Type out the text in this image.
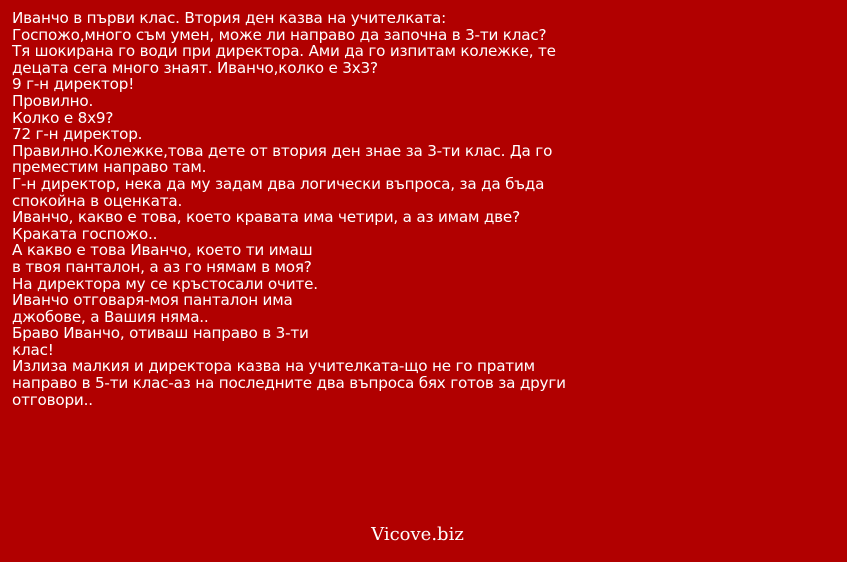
Иванчо в първи клас. Втория ден казва на учителката:
Госпожо,много съм умен, може ли направо да започна в 3-ти клас?
Тя шокирана го води при директора. Ами да го изпитам колежке, те
децата сега много знаят. Иванчо,колко е 3х3?
9 г-н директор!
Провилно.
Колко е 8х9?
72 г-н директор.
Правилно.Колежке,това дете от втория ден знае за 3-ти клас. Да го
преместим направо там.
Г-н директор, нека да му задам два логически въпроса, за да бъда
спокойна в оценката.
Иванчо, какво е това, което кравата има четири, а аз имам две?
Краката госпожо..
А какво е това Иванчо, което ти имаш
в твоя панталон, а аз го нямам в моя?
На директора му се кръстосали очите.
Иванчо отговаря-моя панталон има
джобове, а Вашия няма..
Браво Иванчо, отиваш направо в 3-ти
клас!
Излиза малкия и директора казва на учителката-що не го пратим
направо в 5-ти клас-аз на последните два въпроса бях готов за други
отговори..
Vicove.biz
